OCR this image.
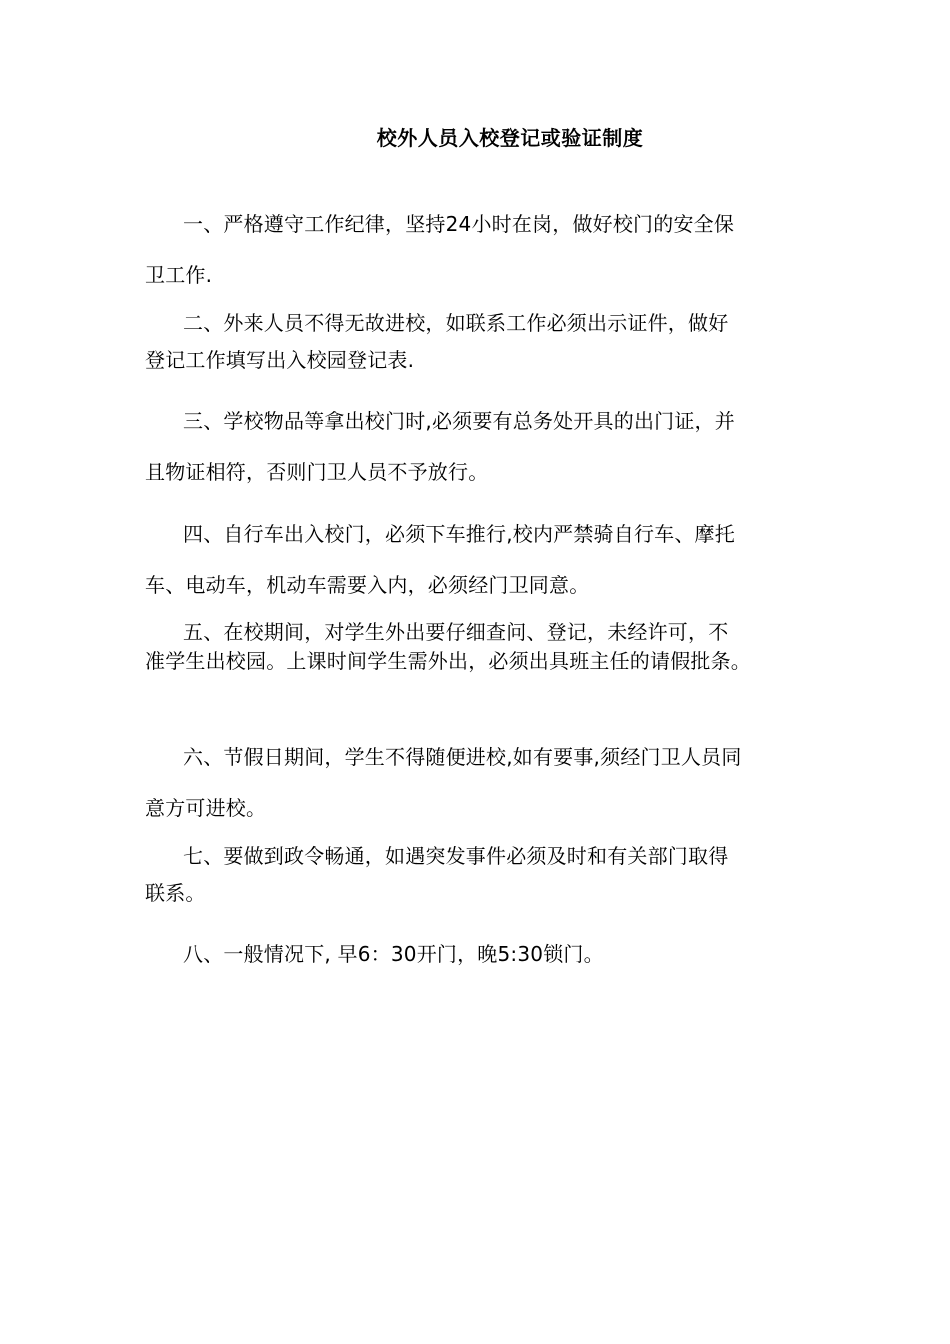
校外人员入校登记或验证制度
一、严格遵守工作纪律，坚持24小时在岗，做好校门的安全保
卫工作.
二、外来人员不得无故进校，如联系工作必须出示证件，做好
登记工作填写出入校园登记表.
三、学校物品等拿出校门时,必须要有总务处开具的出门证，并
且物证相符，否则门卫人员不予放行。
四、自行车出入校门，必须下车推行,校内严禁骑自行车、摩托
车、电动车，机动车需要入内，必须经门卫同意。
五、在校期间，对学生外出要仔细查问、登记，未经许可，不
准学生出校园。上课时间学生需外出，必须出具班主任的请假批条。
六、节假日期间，学生不得随便进校,如有要事,须经门卫人员同
意方可进校。
七、要做到政令畅通，如遇突发事件必须及时和有关部门取得
联系。
八、一般情况下, 早6：30开门，晚5:30锁门。
